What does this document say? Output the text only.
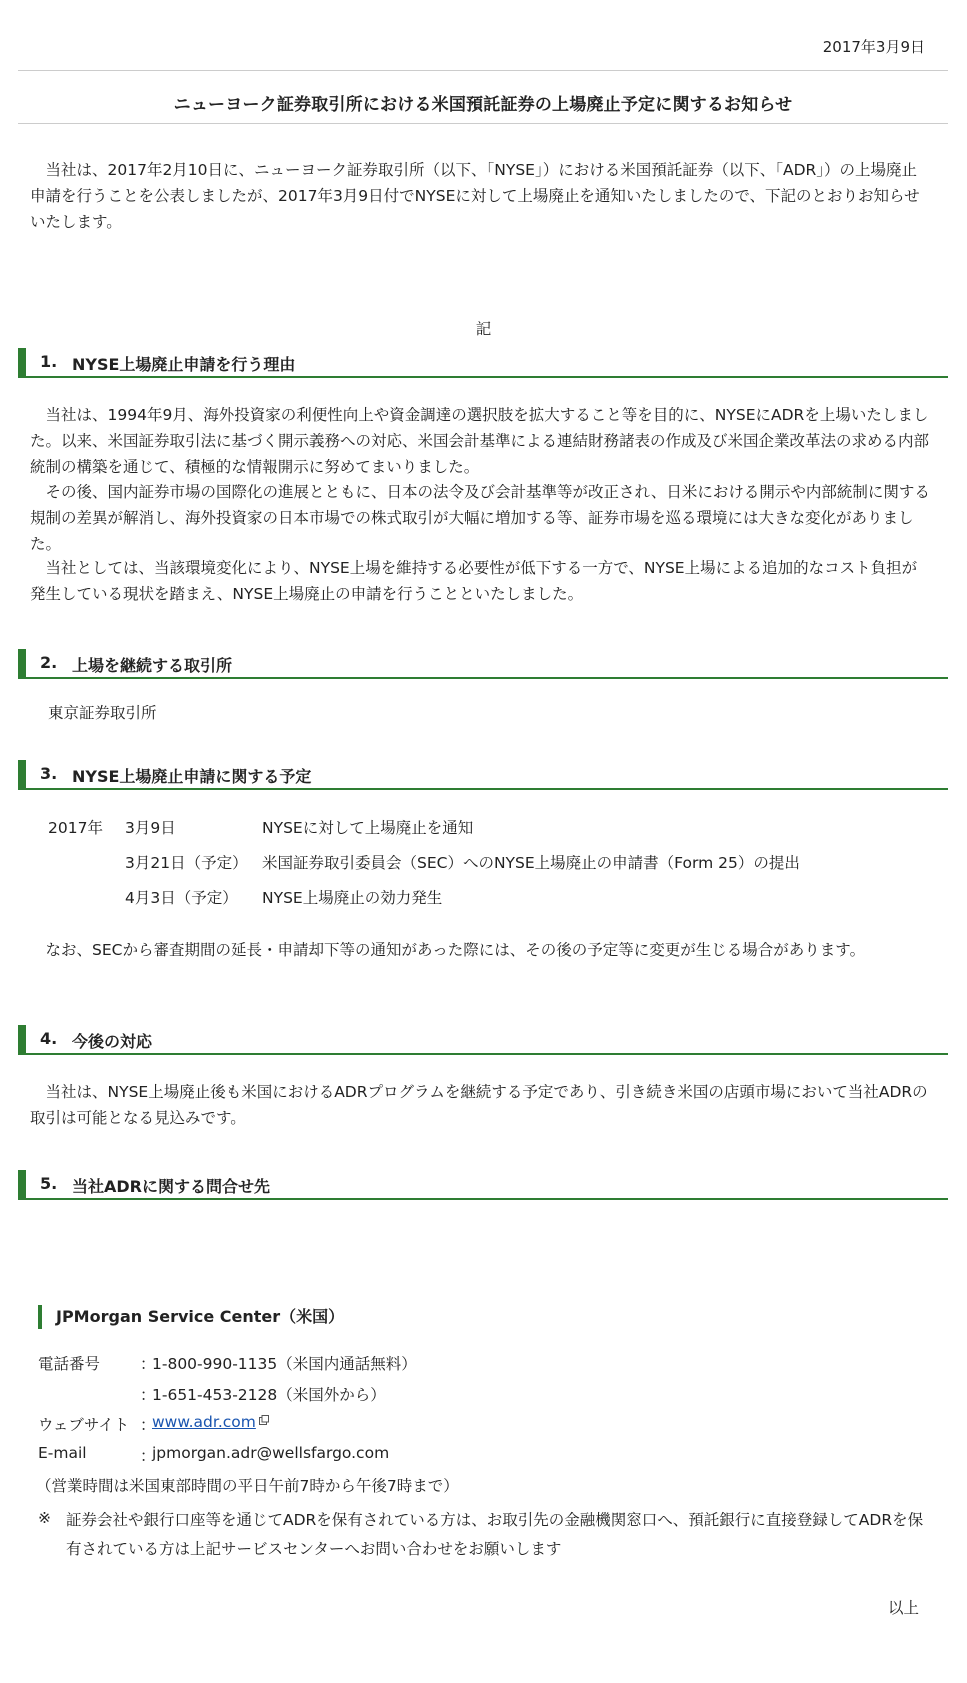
2017年3月9日
ニューヨーク証券取引所における米国預託証券の上場廃止予定に関するお知らせ
当社は、2017年2月10日に、ニューヨーク証券取引所（以下、「NYSE」）における米国預託証券（以下、「ADR」）の上場廃止申請を行うことを公表しましたが、2017年3月9日付でNYSEに対して上場廃止を通知いたしましたので、下記のとおりお知らせいたします。
記
1. NYSE上場廃止申請を行う理由
当社は、1994年9月、海外投資家の利便性向上や資金調達の選択肢を拡大すること等を目的に、NYSEにADRを上場いたしました。以来、米国証券取引法に基づく開示義務への対応、米国会計基準による連結財務諸表の作成及び米国企業改革法の求める内部統制の構築を通じて、積極的な情報開示に努めてまいりました。
その後、国内証券市場の国際化の進展とともに、日本の法令及び会計基準等が改正され、日米における開示や内部統制に関する規制の差異が解消し、海外投資家の日本市場での株式取引が大幅に増加する等、証券市場を巡る環境には大きな変化がありました。
当社としては、当該環境変化により、NYSE上場を維持する必要性が低下する一方で、NYSE上場による追加的なコスト負担が発生している現状を踏まえ、NYSE上場廃止の申請を行うことといたしました。
2. 上場を継続する取引所
東京証券取引所
3. NYSE上場廃止申請に関する予定
2017年 3月9日	NYSEに対して上場廃止を通知
3月21日（予定） 米国証券取引委員会（SEC）へのNYSE上場廃止の申請書（Form 25）の提出
4月3日（予定） NYSE上場廃止の効力発生
なお、SECから審査期間の延長・申請却下等の通知があった際には、その後の予定等に変更が生じる場合があります。
4. 今後の対応
当社は、NYSE上場廃止後も米国におけるADRプログラムを継続する予定であり、引き続き米国の店頭市場において当社ADRの取引は可能となる見込みです。
5. 当社ADRに関する問合せ先
JPMorgan Service Center（米国）
電話番号	：
1-800-990-1135（米国内通話無料）
：
1-651-453-2128（米国外から）
ウェブサイト ：
www.adr.com
E-mail	：
jpmorgan.adr@wellsfargo.com
（営業時間は米国東部時間の平日午前7時から午後7時まで）
※ 証券会社や銀行口座等を通じてADRを保有されている方は、お取引先の金融機関窓口へ、預託銀行に直接登録してADRを保有されている方は上記サービスセンターへお問い合わせをお願いします
以上
